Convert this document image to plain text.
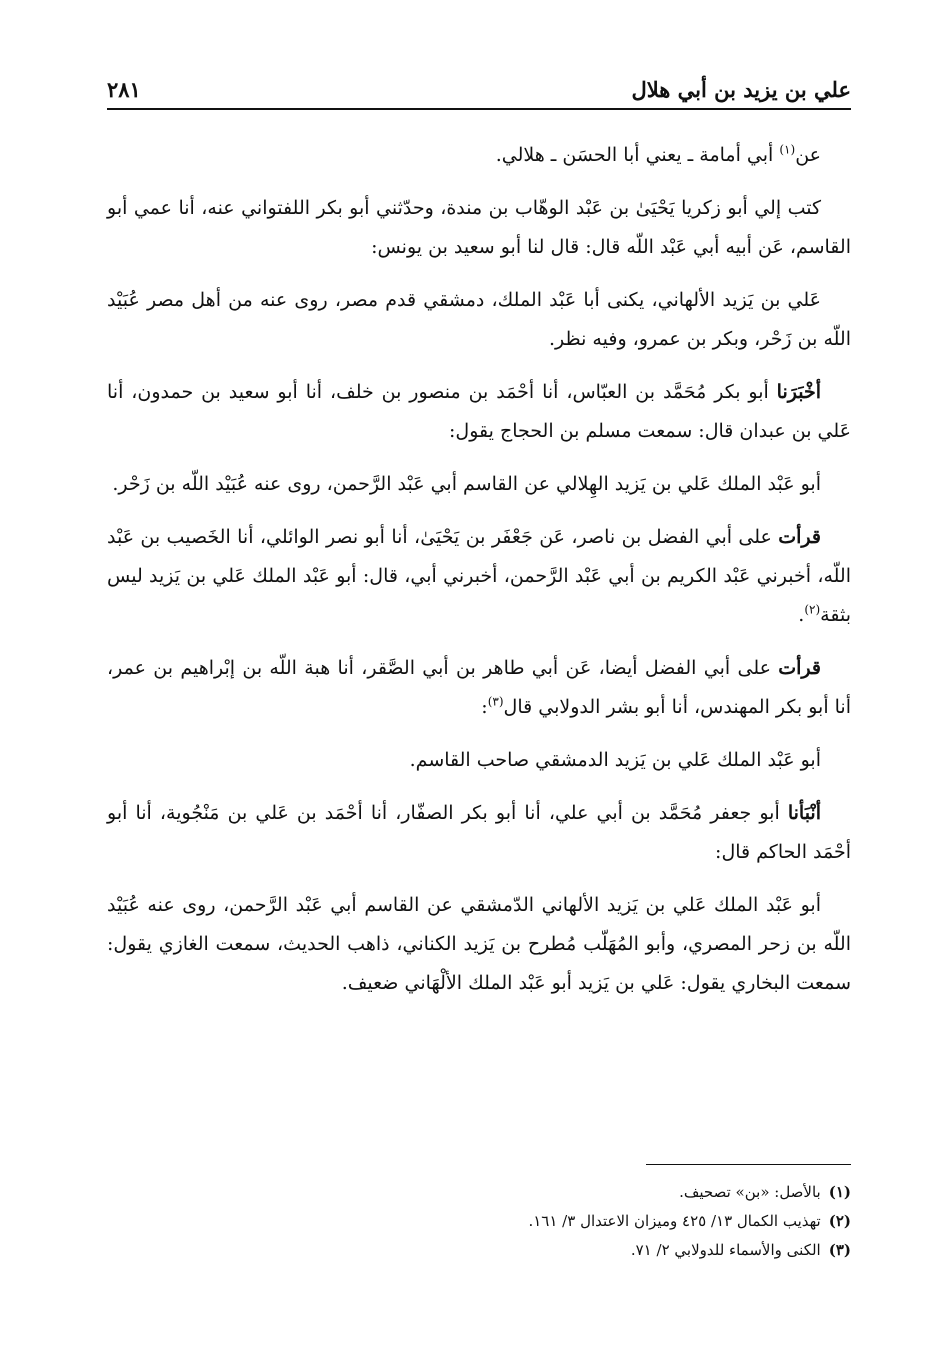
علي بن يزيد بن أبي هلال
٢٨١

عن$^{(١)}$ أبي أمامة ـ يعني أبا الحسَن ـ هلالي.

كتب إلي أبو زكريا يَحْيَىٰ بن عَبْد الوهّاب بن مندة، وحدّثني أبو بكر اللفتواني عنه، أنا عمي أبو القاسم، عَن أبيه أبي عَبْد اللّه قال: قال لنا أبو سعيد بن يونس:

عَلي بن يَزيد الألهاني، يكنى أبا عَبْد الملك، دمشقي قدم مصر، روى عنه من أهل مصر عُبَيْد اللّه بن زَحْر، وبكر بن عمرو، وفيه نظر.

أخْبَرَنا أبو بكر مُحَمَّد بن العبّاس، أنا أحْمَد بن منصور بن خلف، أنا أبو سعيد بن حمدون، أنا عَلي بن عبدان قال: سمعت مسلم بن الحجاج يقول:

أبو عَبْد الملك عَلي بن يَزيد الهِلالي عن القاسم أبي عَبْد الرَّحمن، روى عنه عُبَيْد اللّه بن زَحْر.

قرأت على أبي الفضل بن ناصر، عَن جَعْفَر بن يَحْيَىٰ، أنا أبو نصر الوائلي، أنا الخَصيب بن عَبْد اللّه، أخبرني عَبْد الكريم بن أبي عَبْد الرَّحمن، أخبرني أبي، قال: أبو عَبْد الملك عَلي بن يَزيد ليس بثقة$^{(٢)}$.

قرأت على أبي الفضل أيضا، عَن أبي طاهر بن أبي الصَّقر، أنا هبة اللّه بن إبْراهيم بن عمر، أنا أبو بكر المهندس، أنا أبو بشر الدولابي قال$^{(٣)}$:

أبو عَبْد الملك عَلي بن يَزيد الدمشقي صاحب القاسم.

أنْبَأنا أبو جعفر مُحَمَّد بن أبي علي، أنا أبو بكر الصفّار، أنا أحْمَد بن عَلي بن مَنْجُوية، أنا أبو أحْمَد الحاكم قال:

أبو عَبْد الملك عَلي بن يَزيد الألهاني الدّمشقي عن القاسم أبي عَبْد الرَّحمن، روى عنه عُبَيْد اللّه بن زحر المصري، وأبو المُهَلّب مُطرح بن يَزيد الكناني، ذاهب الحديث، سمعت الغازي يقول: سمعت البخاري يقول: عَلي بن يَزيد أبو عَبْد الملك الألْهَاني ضعيف.

(١)
بالأصل: «بن» تصحيف.
(٢)
تهذيب الكمال ١٣/ ٤٢٥ وميزان الاعتدال ٣/ ١٦١.
(٣)
الكنى والأسماء للدولابي ٢/ ٧١.
